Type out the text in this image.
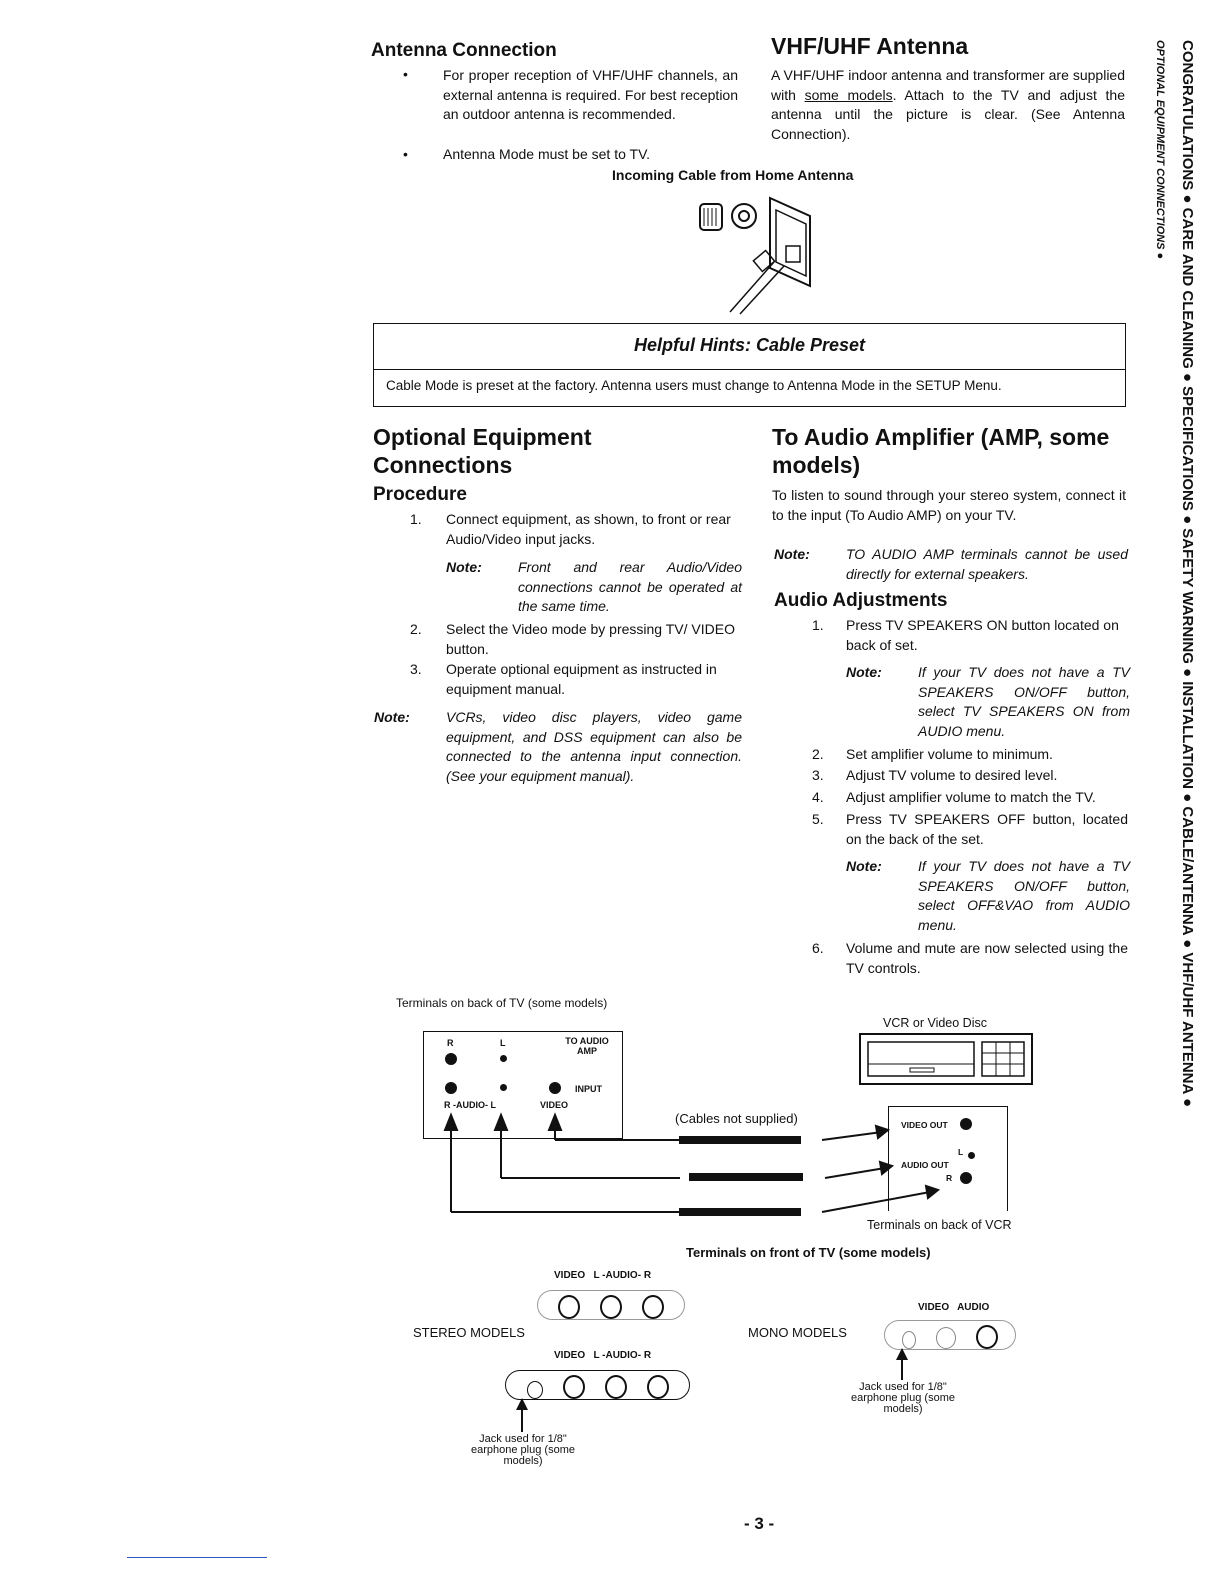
Antenna Connection
•	For proper reception of VHF/UHF channels, an external antenna is required. For best reception an outdoor antenna is recommended.
•	Antenna Mode must be set to TV.
VHF/UHF Antenna
A VHF/UHF indoor antenna and transformer are supplied with some models. Attach to the TV and adjust the antenna until the picture is clear. (See Antenna Connection).
Incoming Cable from Home Antenna
Helpful Hints: Cable Preset
Cable Mode is preset at the factory. Antenna users must change to Antenna Mode in the SETUP Menu.
Optional Equipment Connections
Procedure
1. Connect equipment, as shown, to front or rear Audio/Video input jacks.
Note:	Front and rear Audio/Video connections cannot be operated at the same time.
2. Select the Video mode by pressing TV/ VIDEO button.
3. Operate optional equipment as instructed in equipment manual.
Note:	VCRs, video disc players, video game equipment, and DSS equipment can also be connected to the antenna input connection. (See your equipment manual).
To Audio Amplifier (AMP, some models)
To listen to sound through your stereo system, connect it to the input (To Audio AMP) on your TV.
Note:	TO AUDIO AMP terminals cannot be used directly for external speakers.
Audio Adjustments
1. Press TV SPEAKERS ON button located on back of set.
Note:	If your TV does not have a TV SPEAKERS ON/OFF button, select TV SPEAKERS ON from AUDIO menu.
2. Set amplifier volume to minimum.
3. Adjust TV volume to desired level.
4. Adjust amplifier volume to match the TV.
5. Press TV SPEAKERS OFF button, located on the back of the set.
Note:	If your TV does not have a TV SPEAKERS ON/OFF button, select OFF&VAO from AUDIO menu.
6. Volume and mute are now selected using the TV controls.
Terminals on back of TV (some models)
R	L	TO AUDIO AMP
INPUT
R -AUDIO- L	VIDEO
(Cables not supplied)
VCR or Video Disc
VIDEO OUT
L
AUDIO OUT
R
Terminals on back of VCR
Terminals on front of TV (some models)
VIDEO   L -AUDIO- R
STEREO MODELS
VIDEO   L -AUDIO- R
Jack used for 1/8" earphone plug (some models)
MONO MODELS
VIDEO   AUDIO
Jack used for 1/8" earphone plug (some models)
- 3 -
CONGRATULATIONS ● CARE AND CLEANING ● SPECIFICATIONS ● SAFETY WARNING ● INSTALLATION ● CABLE/ANTENNA ● VHF/UHF ANTENNA ●
OPTIONAL EQUIPMENT CONNECTIONS ●
